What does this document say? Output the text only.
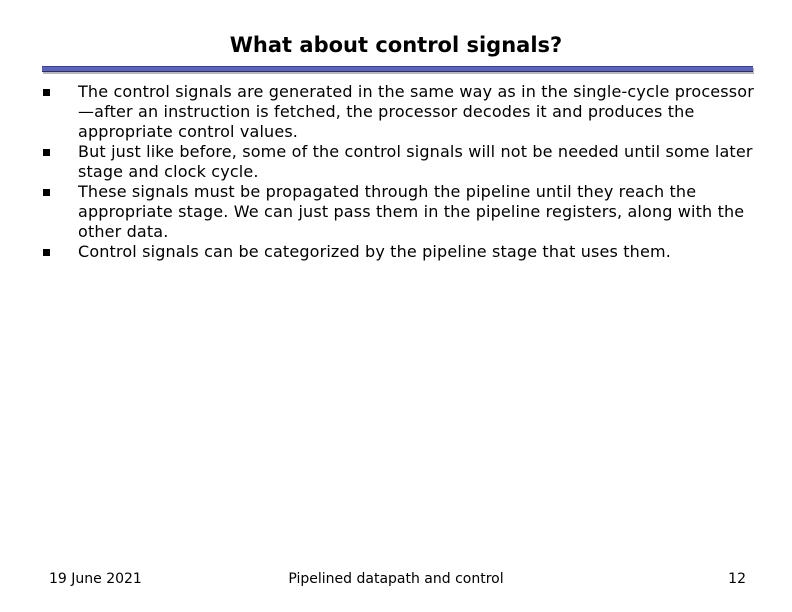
What about control signals?
The control signals are generated in the same way as in the single-cycle processor—after an instruction is fetched, the processor decodes it and produces the appropriate control values.
But just like before, some of the control signals will not be needed until some later stage and clock cycle.
These signals must be propagated through the pipeline until they reach the appropriate stage. We can just pass them in the pipeline registers, along with the other data.
Control signals can be categorized by the pipeline stage that uses them.
19 June 2021	Pipelined datapath and control	12
